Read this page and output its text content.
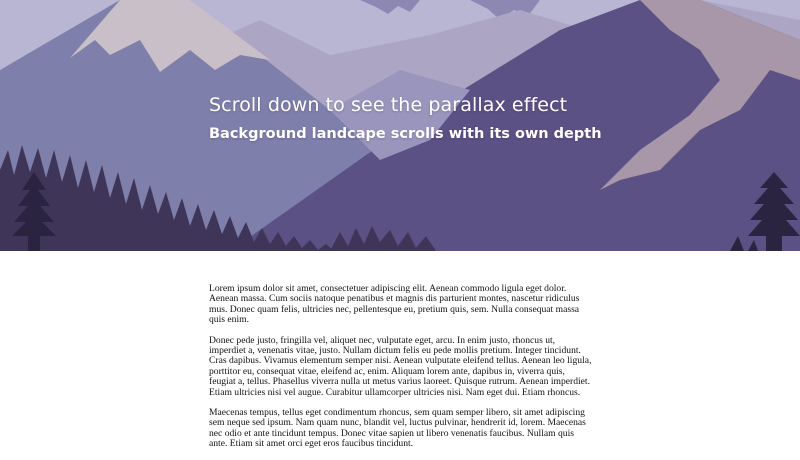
Scroll down to see the parallax effect
Background landcape scrolls with its own depth

Lorem ipsum dolor sit amet, consectetuer adipiscing elit. Aenean commodo ligula eget dolor. Aenean massa. Cum sociis natoque penatibus et magnis dis parturient montes, nascetur ridiculus mus. Donec quam felis, ultricies nec, pellentesque eu, pretium quis, sem. Nulla consequat massa quis enim.

Donec pede justo, fringilla vel, aliquet nec, vulputate eget, arcu. In enim justo, rhoncus ut, imperdiet a, venenatis vitae, justo. Nullam dictum felis eu pede mollis pretium. Integer tincidunt. Cras dapibus. Vivamus elementum semper nisi. Aenean vulputate eleifend tellus. Aenean leo ligula, porttitor eu, consequat vitae, eleifend ac, enim. Aliquam lorem ante, dapibus in, viverra quis, feugiat a, tellus. Phasellus viverra nulla ut metus varius laoreet. Quisque rutrum. Aenean imperdiet. Etiam ultricies nisi vel augue. Curabitur ullamcorper ultricies nisi. Nam eget dui. Etiam rhoncus.

Maecenas tempus, tellus eget condimentum rhoncus, sem quam semper libero, sit amet adipiscing sem neque sed ipsum. Nam quam nunc, blandit vel, luctus pulvinar, hendrerit id, lorem. Maecenas nec odio et ante tincidunt tempus. Donec vitae sapien ut libero venenatis faucibus. Nullam quis ante. Etiam sit amet orci eget eros faucibus tincidunt.
